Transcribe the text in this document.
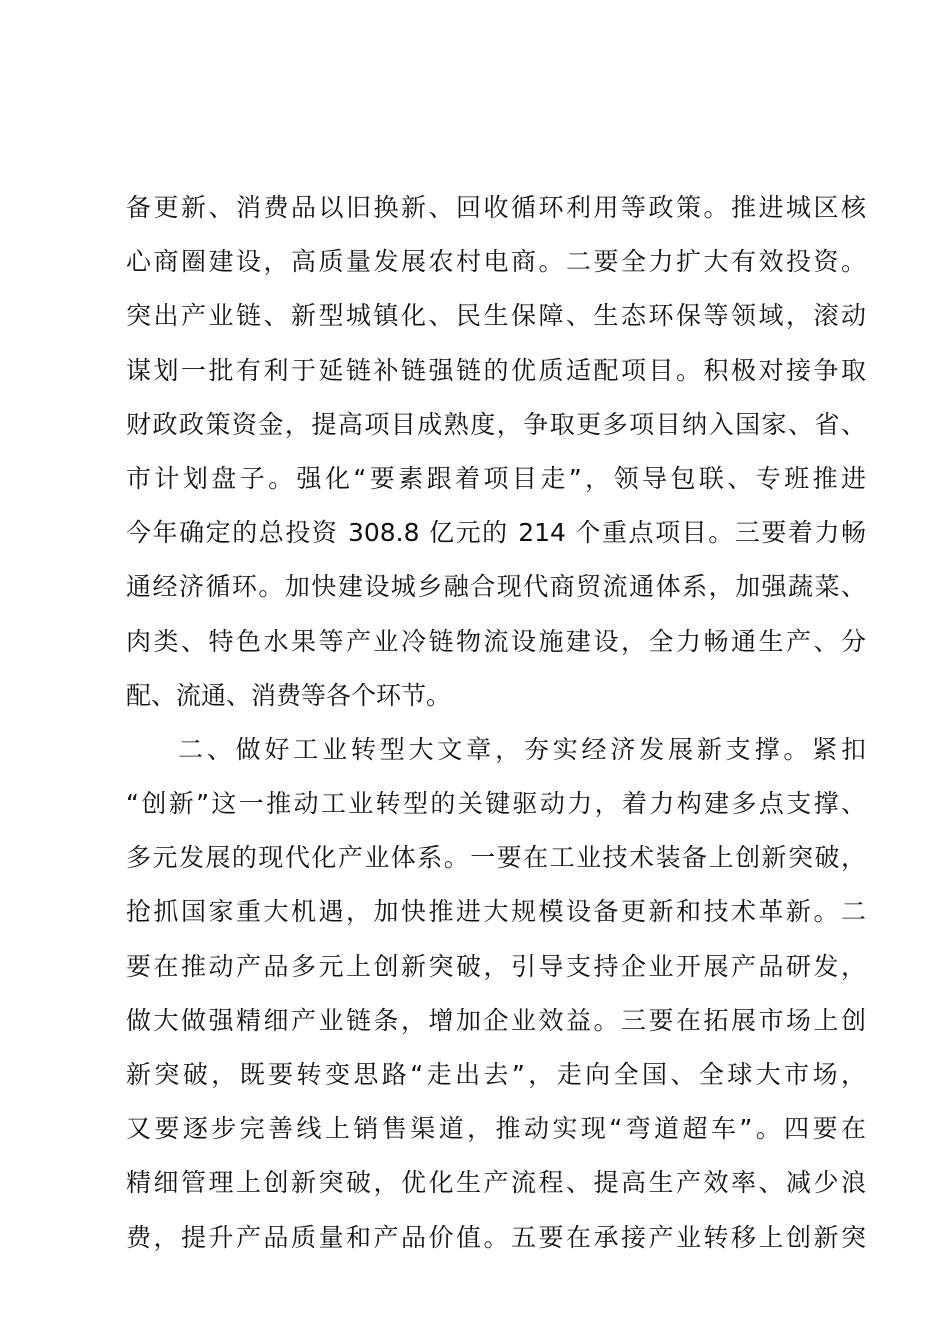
备更新、消费品以旧换新、回收循环利用等政策。推进城区核
心商圈建设，高质量发展农村电商。二要全力扩大有效投资。
突出产业链、新型城镇化、民生保障、生态环保等领域，滚动
谋划一批有利于延链补链强链的优质适配项目。积极对接争取
财政政策资金，提高项目成熟度，争取更多项目纳入国家、省、
市计划盘子。强化“要素跟着项目走”，领导包联、专班推进
今年确定的总投资 308.8 亿元的 214 个重点项目。三要着力畅
通经济循环。加快建设城乡融合现代商贸流通体系，加强蔬菜、
肉类、特色水果等产业冷链物流设施建设，全力畅通生产、分
配、流通、消费等各个环节。
二、做好工业转型大文章，夯实经济发展新支撑。紧扣
“创新”这一推动工业转型的关键驱动力，着力构建多点支撑、
多元发展的现代化产业体系。一要在工业技术装备上创新突破，
抢抓国家重大机遇，加快推进大规模设备更新和技术革新。二
要在推动产品多元上创新突破，引导支持企业开展产品研发，
做大做强精细产业链条，增加企业效益。三要在拓展市场上创
新突破，既要转变思路“走出去”，走向全国、全球大市场，
又要逐步完善线上销售渠道，推动实现“弯道超车”。四要在
精细管理上创新突破，优化生产流程、提高生产效率、减少浪
费，提升产品质量和产品价值。五要在承接产业转移上创新突
